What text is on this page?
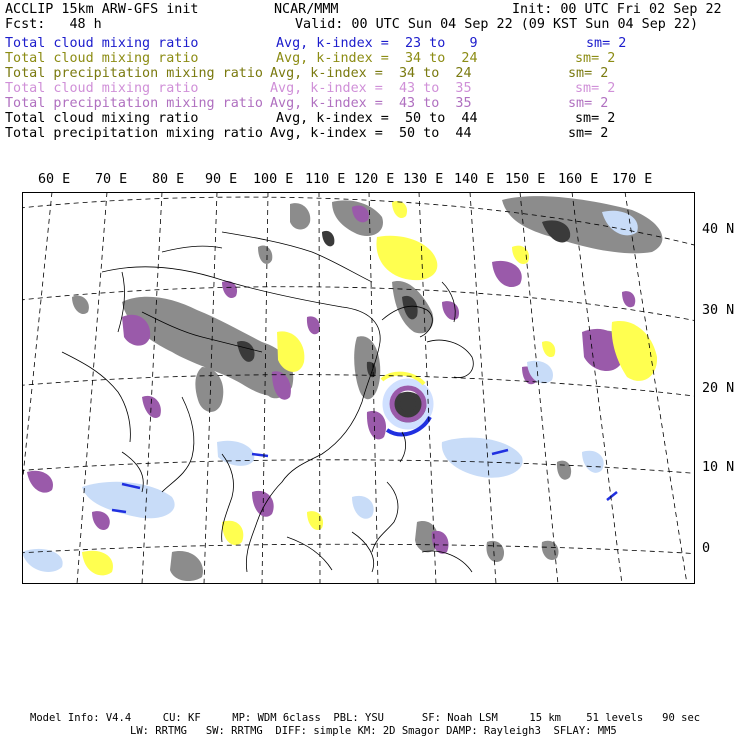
ACCLIP 15km ARW-GFS init	NCAR/MMM	Init: 00 UTC Fri 02 Sep 22
Fcst:   48 h	Valid: 00 UTC Sun 04 Sep 22 (09 KST Sun 04 Sep 22)
Total cloud mixing ratio	Avg, k-index =  23 to   9	sm= 2
Total cloud mixing ratio	Avg, k-index =  34 to  24	sm= 2
Total precipitation mixing ratio Avg, k-index =  34 to  24	sm= 2
Total cloud mixing ratio	Avg, k-index =  43 to  35	sm= 2
Total precipitation mixing ratio Avg, k-index =  43 to  35	sm= 2
Total cloud mixing ratio	Avg, k-index =  50 to  44	sm= 2
Total precipitation mixing ratio Avg, k-index =  50 to  44	sm= 2
60 E 70 E 80 E 90 E 100 E 110 E 120 E 130 E 140 E 150 E 160 E 170 E
40 N
30 N
20 N
10 N
0
Model Info: V4.4     CU: KF     MP: WDM 6class  PBL: YSU      SF: Noah LSM     15 km    51 levels   90 sec
LW: RRTMG   SW: RRTMG  DIFF: simple KM: 2D Smagor DAMP: Rayleigh3  SFLAY: MM5
